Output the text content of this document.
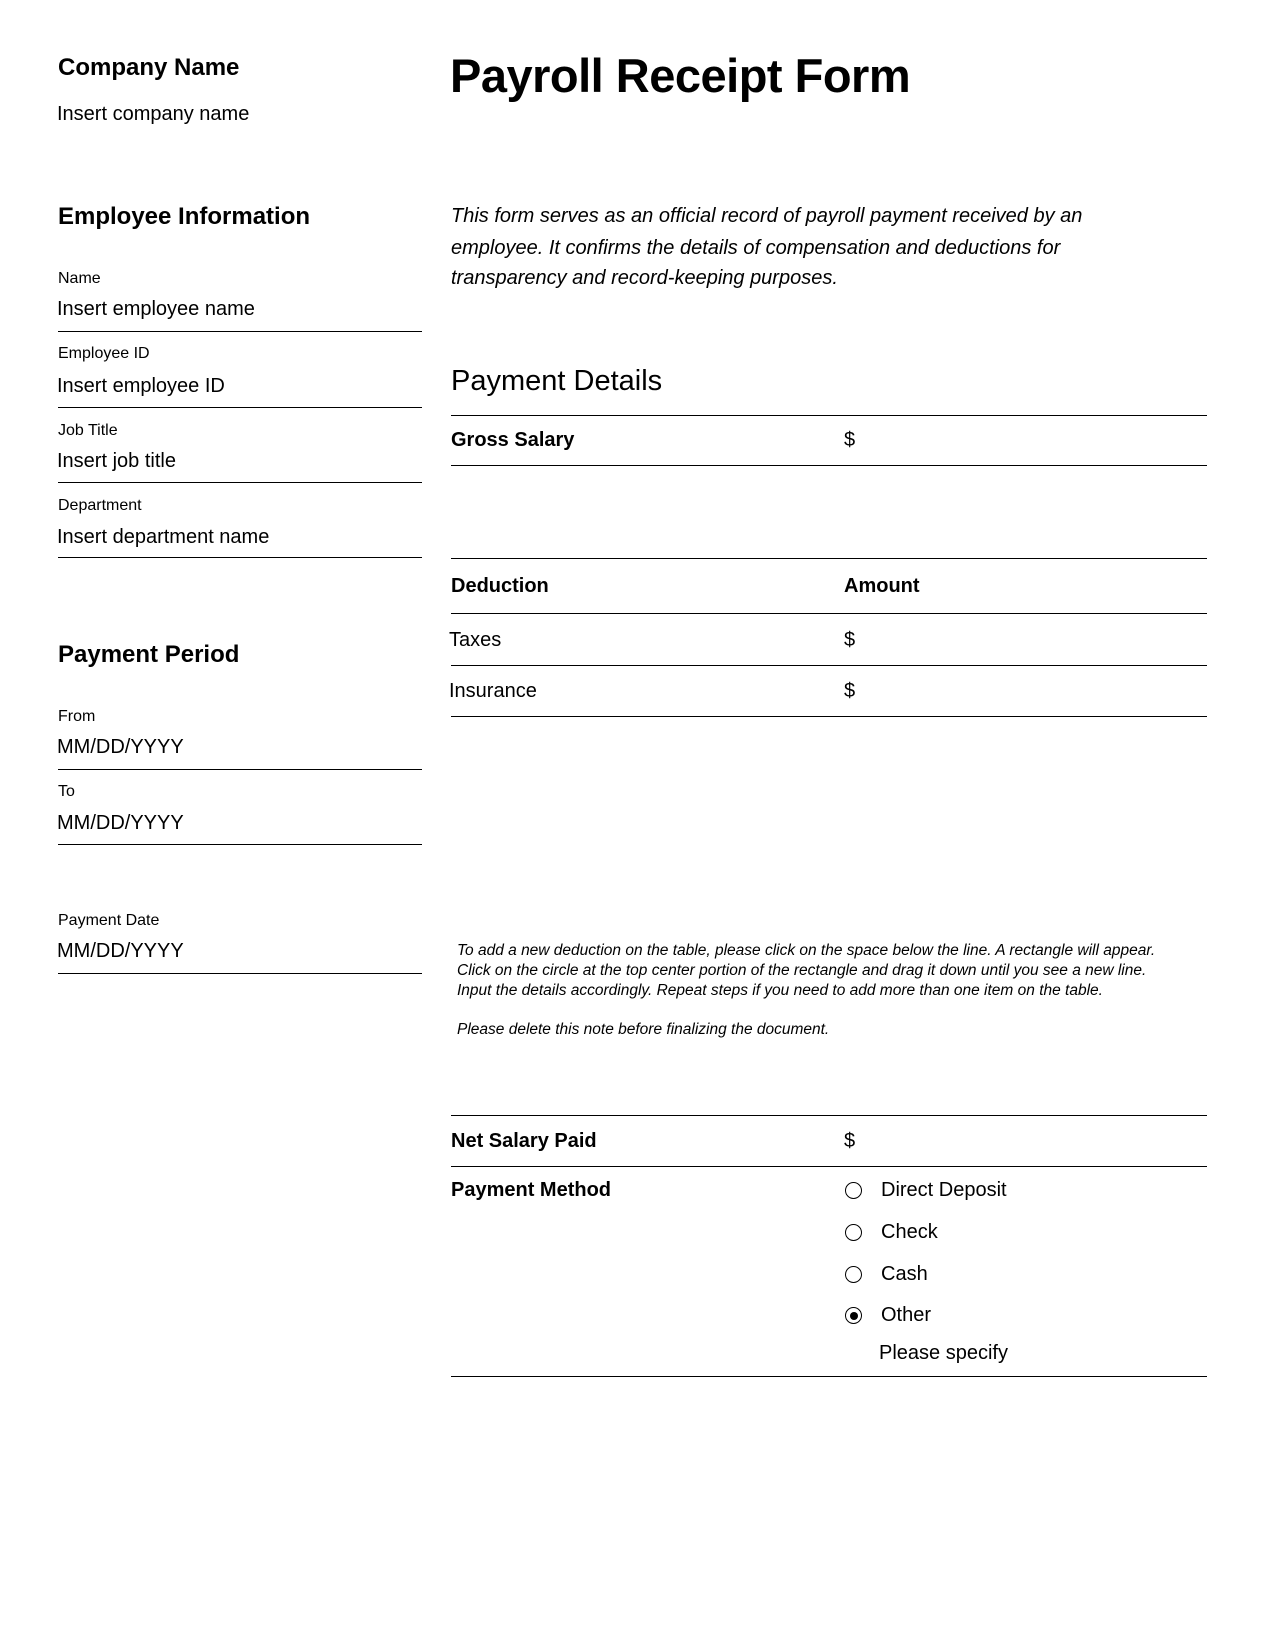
Company Name
Insert company name
Payroll Receipt Form
Employee Information
Name
Insert employee name
Employee ID
Insert employee ID
Job Title
Insert job title
Department
Insert department name
Payment Period
From
MM/DD/YYYY
To
MM/DD/YYYY
Payment Date
MM/DD/YYYY
This form serves as an official record of payroll payment received by an
employee. It confirms the details of compensation and deductions for
transparency and record-keeping purposes.
Payment Details
Gross Salary	$
Deduction	Amount
Taxes	$
Insurance	$
To add a new deduction on the table, please click on the space below the line. A rectangle will appear.
Click on the circle at the top center portion of the rectangle and drag it down until you see a new line.
Input the details accordingly. Repeat steps if you need to add more than one item on the table.
Please delete this note before finalizing the document.
Net Salary Paid	$
Payment Method	Direct Deposit
Check
Cash
Other
Please specify
